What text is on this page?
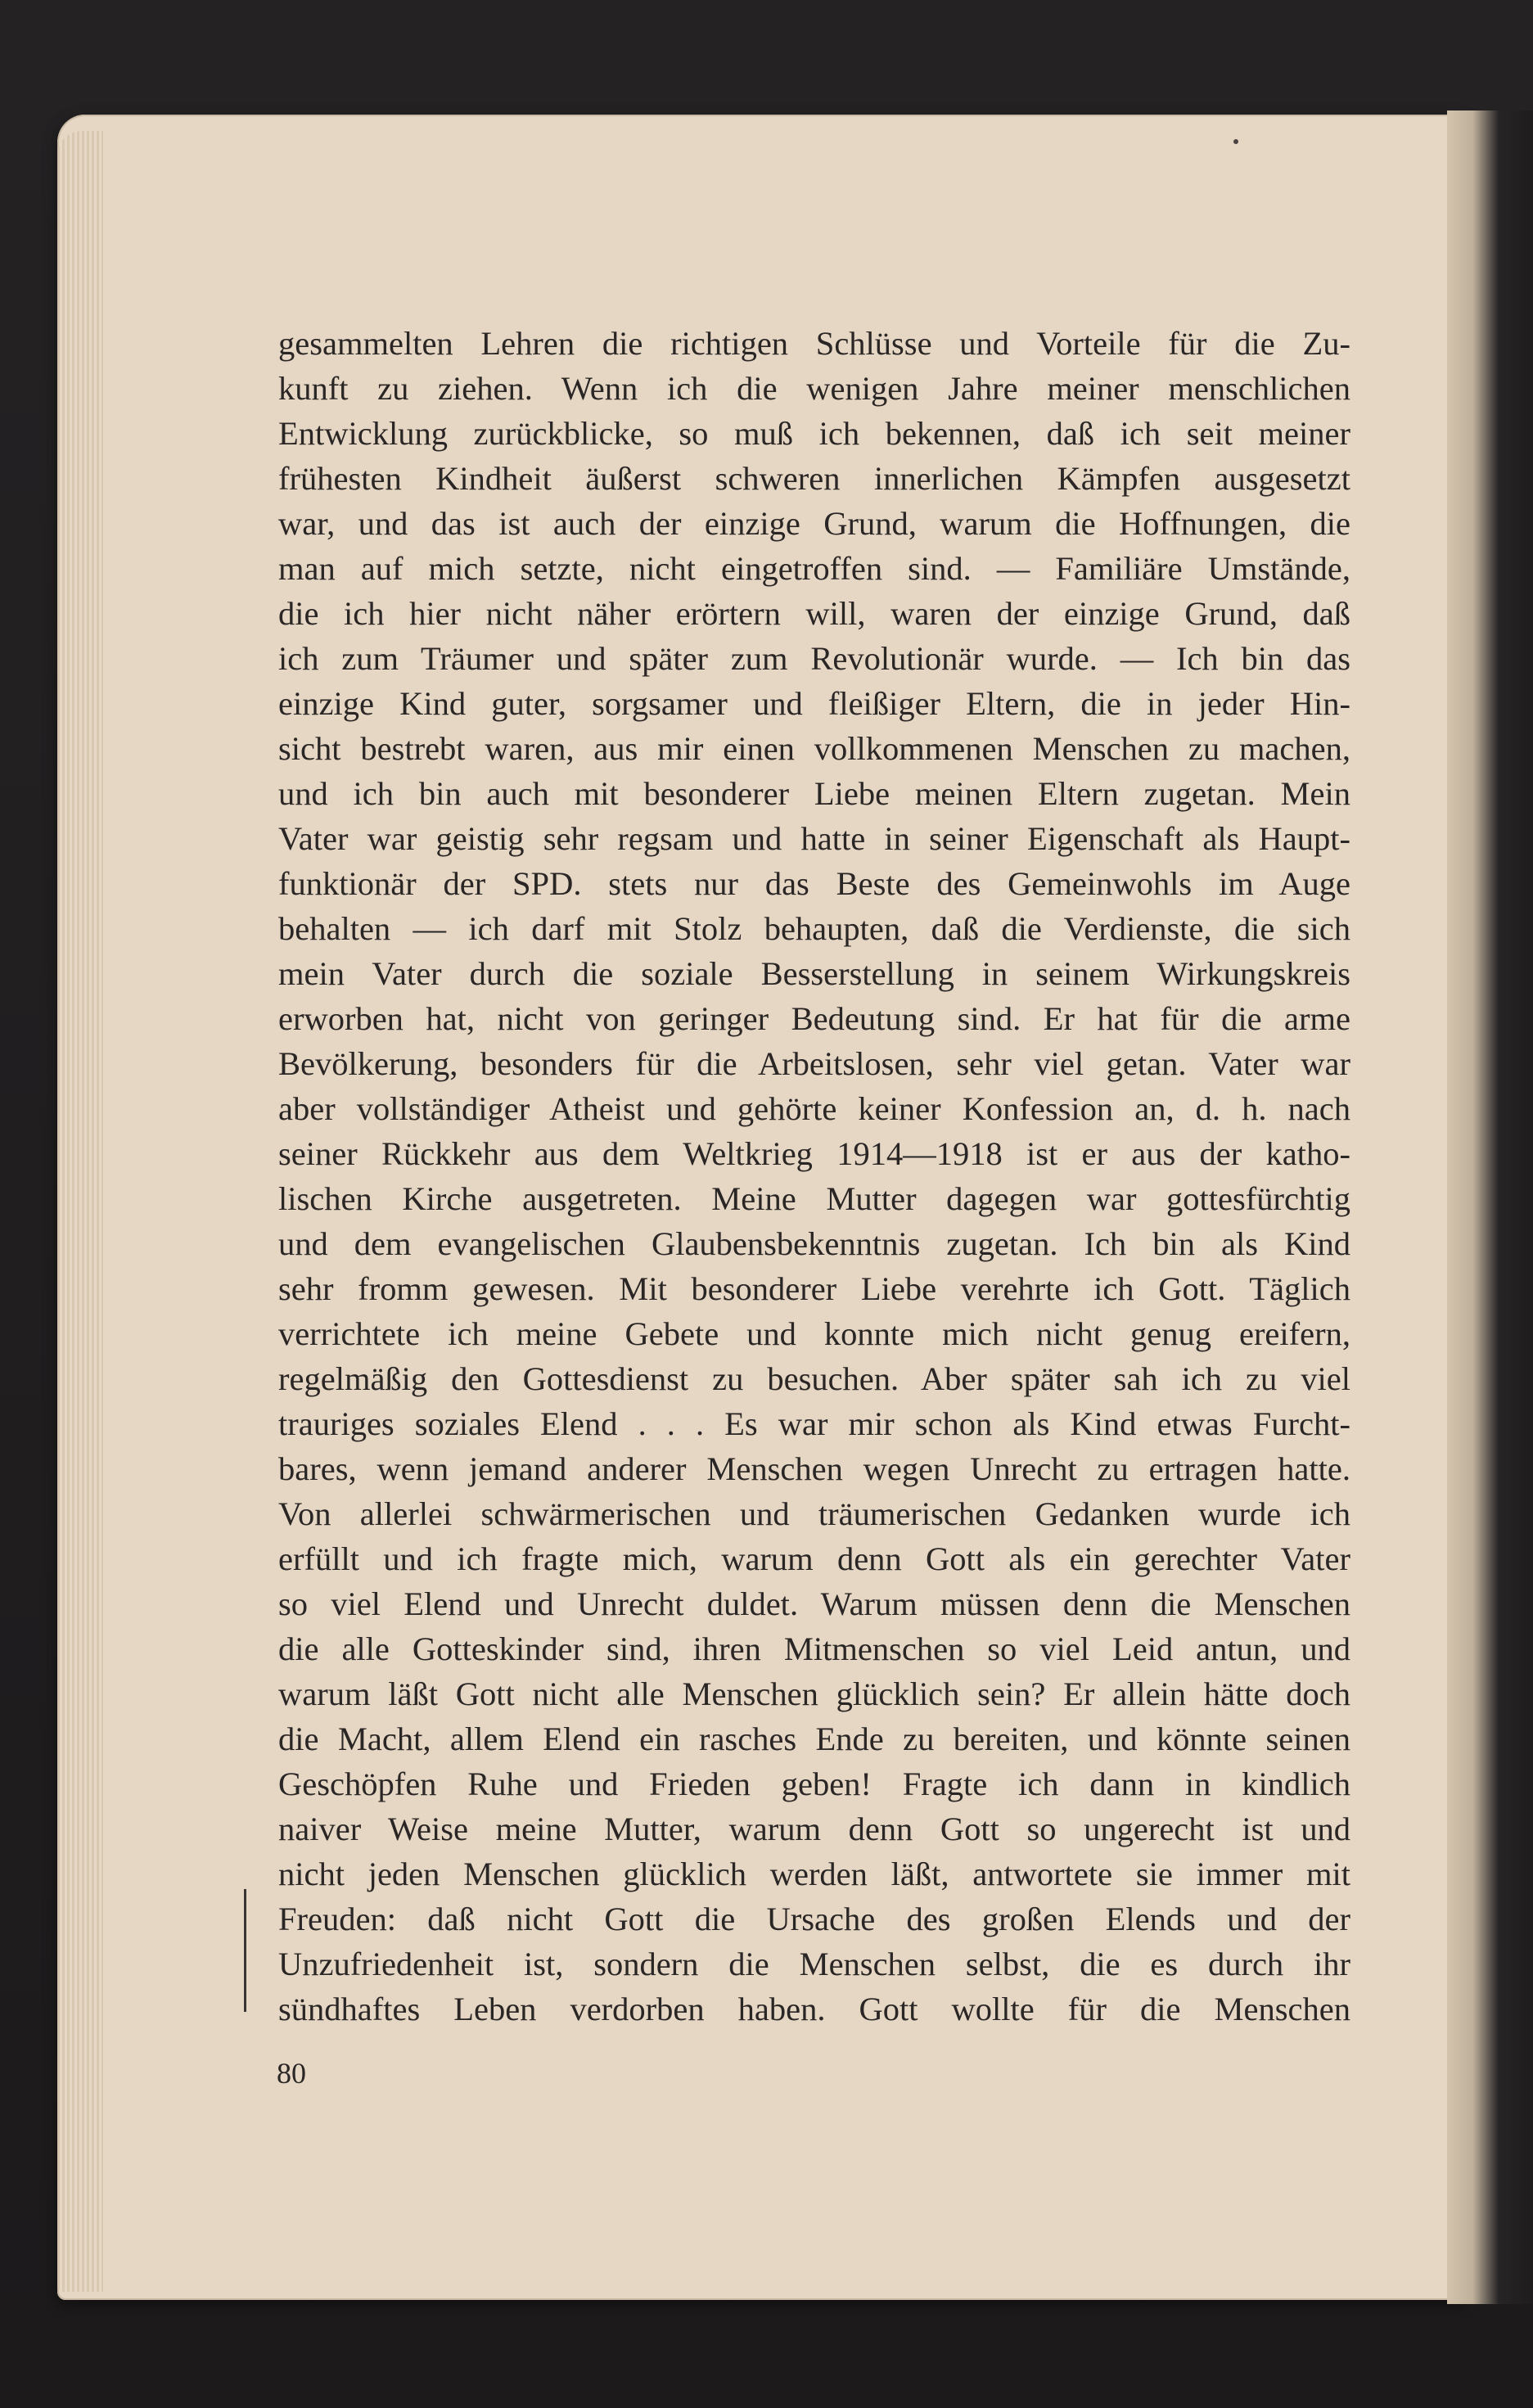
gesammelten Lehren die richtigen Schlüsse und Vorteile für die Zu-
kunft zu ziehen. Wenn ich die wenigen Jahre meiner menschlichen
Entwicklung zurückblicke, so muß ich bekennen, daß ich seit meiner
frühesten Kindheit äußerst schweren innerlichen Kämpfen ausgesetzt
war, und das ist auch der einzige Grund, warum die Hoffnungen, die
man auf mich setzte, nicht eingetroffen sind. — Familiäre Umstände,
die ich hier nicht näher erörtern will, waren der einzige Grund, daß
ich zum Träumer und später zum Revolutionär wurde. — Ich bin das
einzige Kind guter, sorgsamer und fleißiger Eltern, die in jeder Hin-
sicht bestrebt waren, aus mir einen vollkommenen Menschen zu machen,
und ich bin auch mit besonderer Liebe meinen Eltern zugetan. Mein
Vater war geistig sehr regsam und hatte in seiner Eigenschaft als Haupt-
funktionär der SPD. stets nur das Beste des Gemeinwohls im Auge
behalten — ich darf mit Stolz behaupten, daß die Verdienste, die sich
mein Vater durch die soziale Besserstellung in seinem Wirkungskreis
erworben hat, nicht von geringer Bedeutung sind. Er hat für die arme
Bevölkerung, besonders für die Arbeitslosen, sehr viel getan. Vater war
aber vollständiger Atheist und gehörte keiner Konfession an, d. h. nach
seiner Rückkehr aus dem Weltkrieg 1914—1918 ist er aus der katho-
lischen Kirche ausgetreten. Meine Mutter dagegen war gottesfürchtig
und dem evangelischen Glaubensbekenntnis zugetan. Ich bin als Kind
sehr fromm gewesen. Mit besonderer Liebe verehrte ich Gott. Täglich
verrichtete ich meine Gebete und konnte mich nicht genug ereifern,
regelmäßig den Gottesdienst zu besuchen. Aber später sah ich zu viel
trauriges soziales Elend . . . Es war mir schon als Kind etwas Furcht-
bares, wenn jemand anderer Menschen wegen Unrecht zu ertragen hatte.
Von allerlei schwärmerischen und träumerischen Gedanken wurde ich
erfüllt und ich fragte mich, warum denn Gott als ein gerechter Vater
so viel Elend und Unrecht duldet. Warum müssen denn die Menschen
die alle Gotteskinder sind, ihren Mitmenschen so viel Leid antun, und
warum läßt Gott nicht alle Menschen glücklich sein? Er allein hätte doch
die Macht, allem Elend ein rasches Ende zu bereiten, und könnte seinen
Geschöpfen Ruhe und Frieden geben! Fragte ich dann in kindlich
naiver Weise meine Mutter, warum denn Gott so ungerecht ist und
nicht jeden Menschen glücklich werden läßt, antwortete sie immer mit
Freuden: daß nicht Gott die Ursache des großen Elends und der
Unzufriedenheit ist, sondern die Menschen selbst, die es durch ihr
sündhaftes Leben verdorben haben. Gott wollte für die Menschen
80
